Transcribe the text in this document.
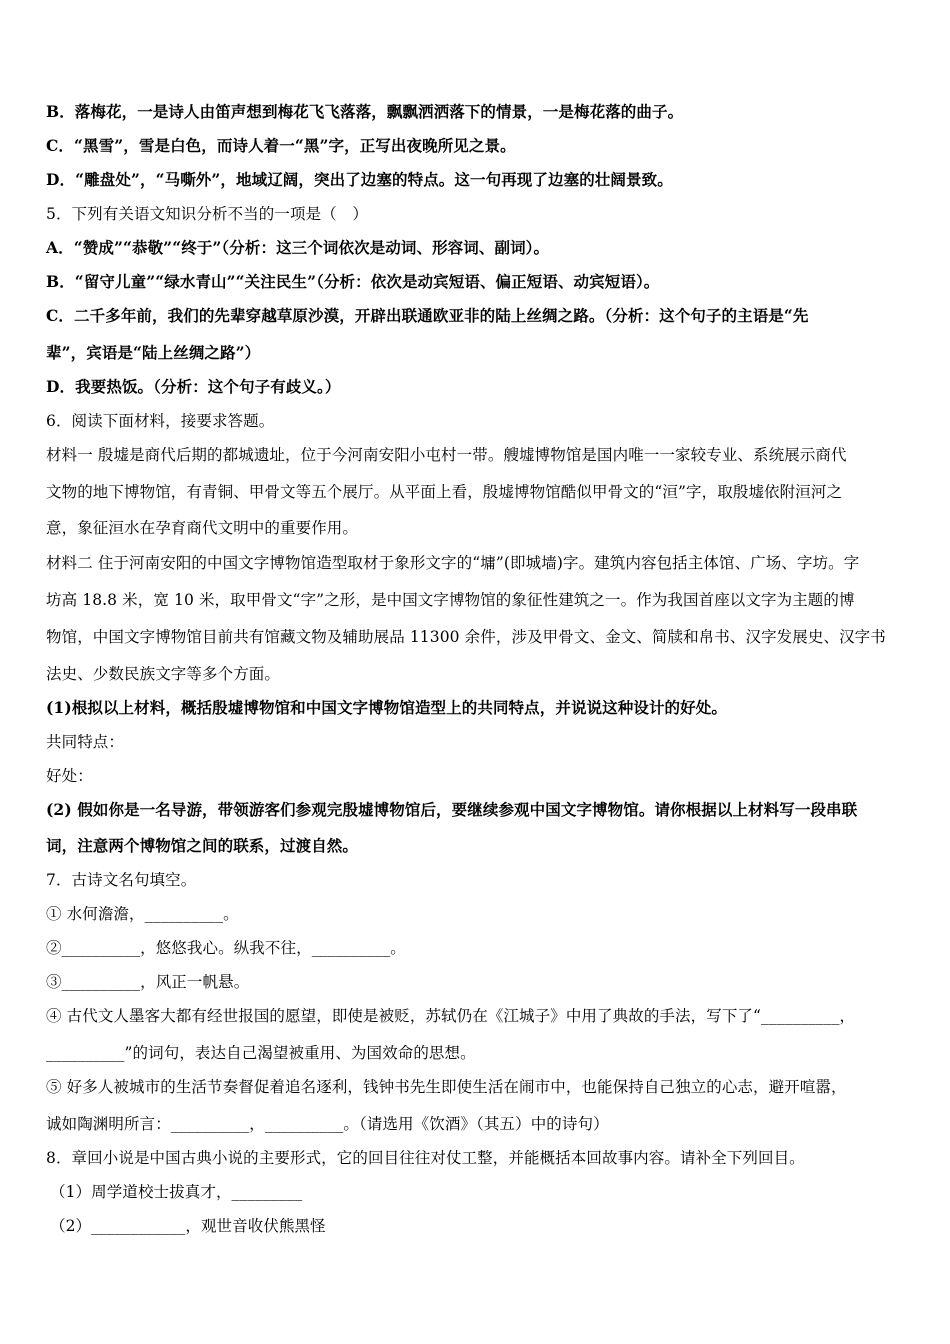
B．落梅花，一是诗人由笛声想到梅花飞飞落落，飘飘洒洒落下的情景，一是梅花落的曲子。
C．“黑雪”，雪是白色，而诗人着一“黑”字，正写出夜晚所见之景。
D．“雕盘处”，“马嘶外”，地域辽阔，突出了边塞的特点。这一句再现了边塞的壮阔景致。
5．下列有关语文知识分析不当的一项是（　）
A．“赞成”“恭敬”“终于”（分析：这三个词依次是动词、形容词、副词）。
B．“留守儿童”“绿水青山”“关注民生”（分析：依次是动宾短语、偏正短语、动宾短语）。
C．二千多年前，我们的先辈穿越草原沙漠，开辟出联通欧亚非的陆上丝绸之路。（分析：这个句子的主语是“先
辈”，宾语是“陆上丝绸之路”）
D．我要热饭。（分析：这个句子有歧义。）
6．阅读下面材料，接要求答题。
材料一 殷墟是商代后期的都城遗址，位于今河南安阳小屯村一带。艘墟博物馆是国内唯一一家较专业、系统展示商代
文物的地下博物馆，有青铜、甲骨文等五个展厅。从平面上看，殷墟博物馆酷似甲骨文的“洹”字，取殷墟依附洹河之
意，象征洹水在孕育商代文明中的重要作用。
材料二 住于河南安阳的中国文字博物馆造型取材于象形文字的“墉”(即城墙)字。建筑内容包括主体馆、广场、字坊。字
坊高 18.8 米，宽 10 米，取甲骨文“字”之形，是中国文字博物馆的象征性建筑之一。作为我国首座以文字为主题的博
物馆，中国文字博物馆目前共有馆藏文物及辅助展品 11300 余件，涉及甲骨文、金文、简牍和帛书、汉字发展史、汉字书
法史、少数民族文字等多个方面。
(1)根拟以上材料，概括殷墟博物馆和中国文字博物馆造型上的共同特点，并说说这种设计的好处。
共同特点：
好处：
(2) 假如你是一名导游，带领游客们参观完殷墟博物馆后，要继续参观中国文字博物馆。请你根据以上材料写一段串联
词，注意两个博物馆之间的联系，过渡自然。
7．古诗文名句填空。
① 水何澹澹，__________。
②__________，悠悠我心。纵我不往，__________。
③__________，风正一帆悬。
④ 古代文人墨客大都有经世报国的愿望，即使是被贬，苏轼仍在《江城子》中用了典故的手法，写下了“__________，
__________”的词句，表达自己渴望被重用、为国效命的思想。
⑤ 好多人被城市的生活节奏督促着追名逐利，钱钟书先生即使生活在闹市中，也能保持自己独立的心志，避开喧嚣，
诚如陶渊明所言：__________，__________。（请选用《饮酒》（其五）中的诗句）
8．章回小说是中国古典小说的主要形式，它的回目往往对仗工整，并能概括本回故事内容。请补全下列回目。
（1）周学道校士拔真才，_________
（2）____________，观世音收伏熊黑怪
